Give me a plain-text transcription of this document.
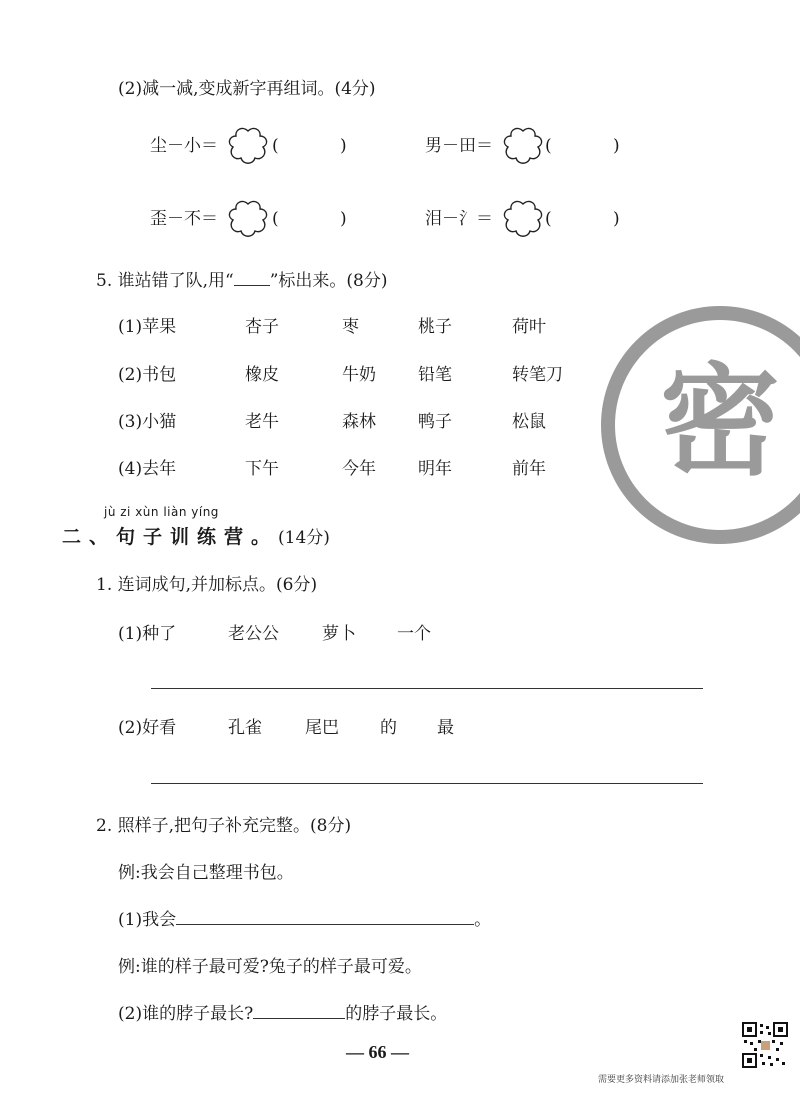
(2)减一减,变成新字再组词。(4分)
尘－小＝	(	)	男－田＝	(	)
歪－不＝	(	)	泪－氵＝	(	)
5. 谁站错了队,用“ ”标出来。(8分)
(1)苹果	杏子	枣	桃子	荷叶
(2)书包	橡皮	牛奶 铅笔	转笔刀
(3)小猫	老牛	森林 鸭子	松鼠
(4)去年	下午	今年 明年	前年 密
jù zi xùn liàn yíng
二、句子训练营。(14分)
1. 连词成句,并加标点。(6分)
(1)种了	老公公	萝卜 一个
(2)好看	孔雀	尾巴 的 最
2. 照样子,把句子补充完整。(8分)
例:我会自己整理书包。
(1)我会	。
例:谁的样子最可爱?兔子的样子最可爱。
(2)谁的脖子最长?	的脖子最长。
— 66 —
需要更多资料请添加张老师领取
